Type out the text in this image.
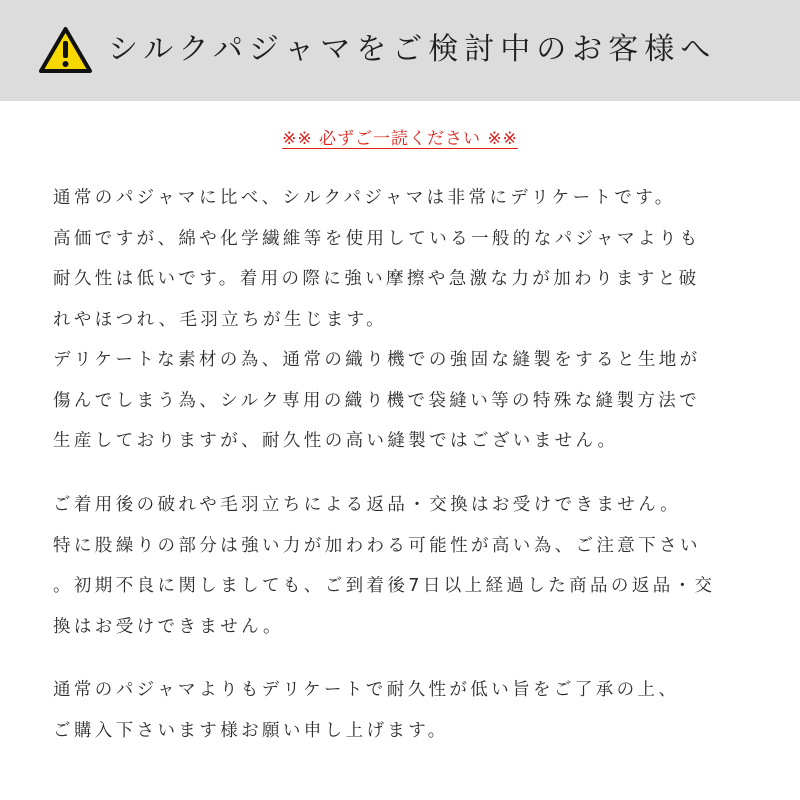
シルクパジャマをご検討中のお客様へ
※※ 必ずご一読ください ※※
通常のパジャマに比べ、シルクパジャマは非常にデリケートです。
高価ですが、綿や化学繊維等を使用している一般的なパジャマよりも
耐久性は低いです。着用の際に強い摩擦や急激な力が加わりますと破
れやほつれ、毛羽立ちが生じます。
デリケートな素材の為、通常の織り機での強固な縫製をすると生地が
傷んでしまう為、シルク専用の織り機で袋縫い等の特殊な縫製方法で
生産しておりますが、耐久性の高い縫製ではございません。
ご着用後の破れや毛羽立ちによる返品・交換はお受けできません。
特に股繰りの部分は強い力が加わわる可能性が高い為、ご注意下さい
。初期不良に関しましても、ご到着後7日以上経過した商品の返品・交
換はお受けできません。
通常のパジャマよりもデリケートで耐久性が低い旨をご了承の上、
ご購入下さいます様お願い申し上げます。
